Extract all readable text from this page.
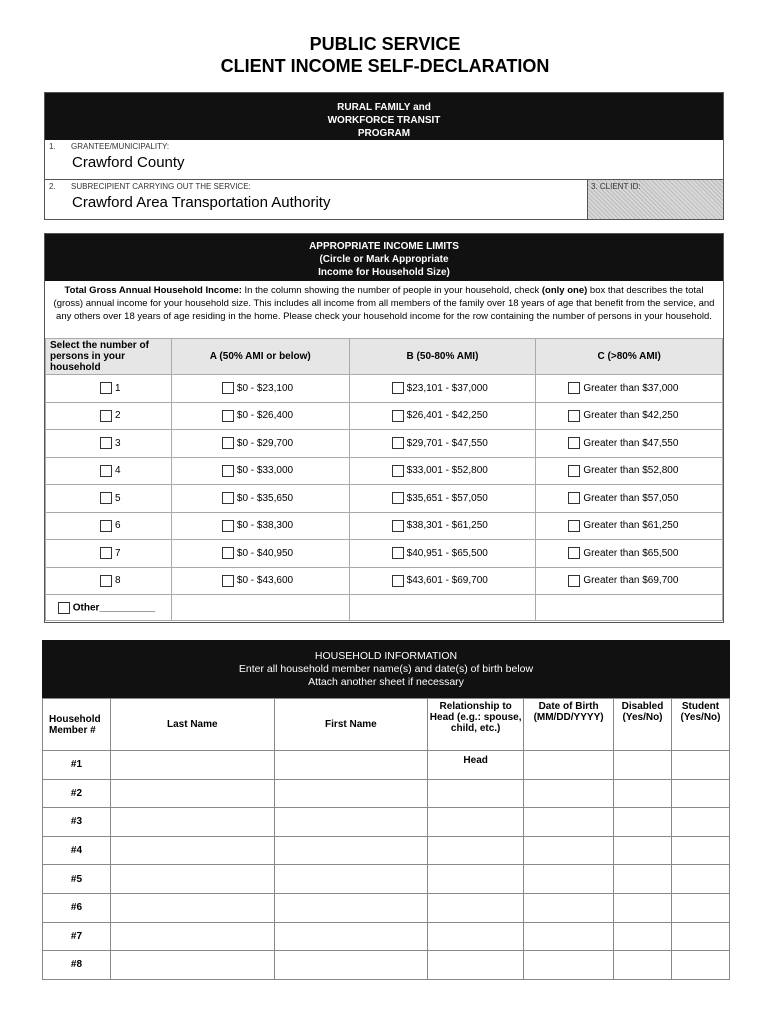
PUBLIC SERVICE
CLIENT INCOME SELF-DECLARATION
RURAL FAMILY and
WORKFORCE TRANSIT
PROGRAM
1. GRANTEE/MUNICIPALITY:
Crawford County
2. SUBRECIPIENT CARRYING OUT THE SERVICE:
Crawford Area Transportation Authority
3. CLIENT ID:
APPROPRIATE INCOME LIMITS
(Circle or Mark Appropriate
Income for Household Size)
Total Gross Annual Household Income: In the column showing the number of people in your household, check (only one) box that describes the total (gross) annual income for your household size. This includes all income from all members of the family over 18 years of age that benefit from the service, and any others over 18 years of age residing in the home. Please check your household income for the row containing the number of persons in your household.
Select the number of persons in your household	A (50% AMI or below)	B (50-80% AMI)	C (>80% AMI)
1	$0 - $23,100	$23,101 - $37,000	Greater than $37,000
2	$0 - $26,400	$26,401 - $42,250	Greater than $42,250
3	$0 - $29,700	$29,701 - $47,550	Greater than $47,550
4	$0 - $33,000	$33,001 - $52,800	Greater than $52,800
5	$0 - $35,650	$35,651 - $57,050	Greater than $57,050
6	$0 - $38,300	$38,301 - $61,250	Greater than $61,250
7	$0 - $40,950	$40,951 - $65,500	Greater than $65,500
8	$0 - $43,600	$43,601 - $69,700	Greater than $69,700
Other__________			
HOUSEHOLD INFORMATION
Enter all household member name(s) and date(s) of birth below
Attach another sheet if necessary
Household Member #	Last Name	First Name	Relationship to Head (e.g.: spouse, child, etc.)	Date of Birth (MM/DD/YYYY)	Disabled (Yes/No)	Student (Yes/No)
#1			Head			
#2						
#3						
#4						
#5						
#6						
#7						
#8						
